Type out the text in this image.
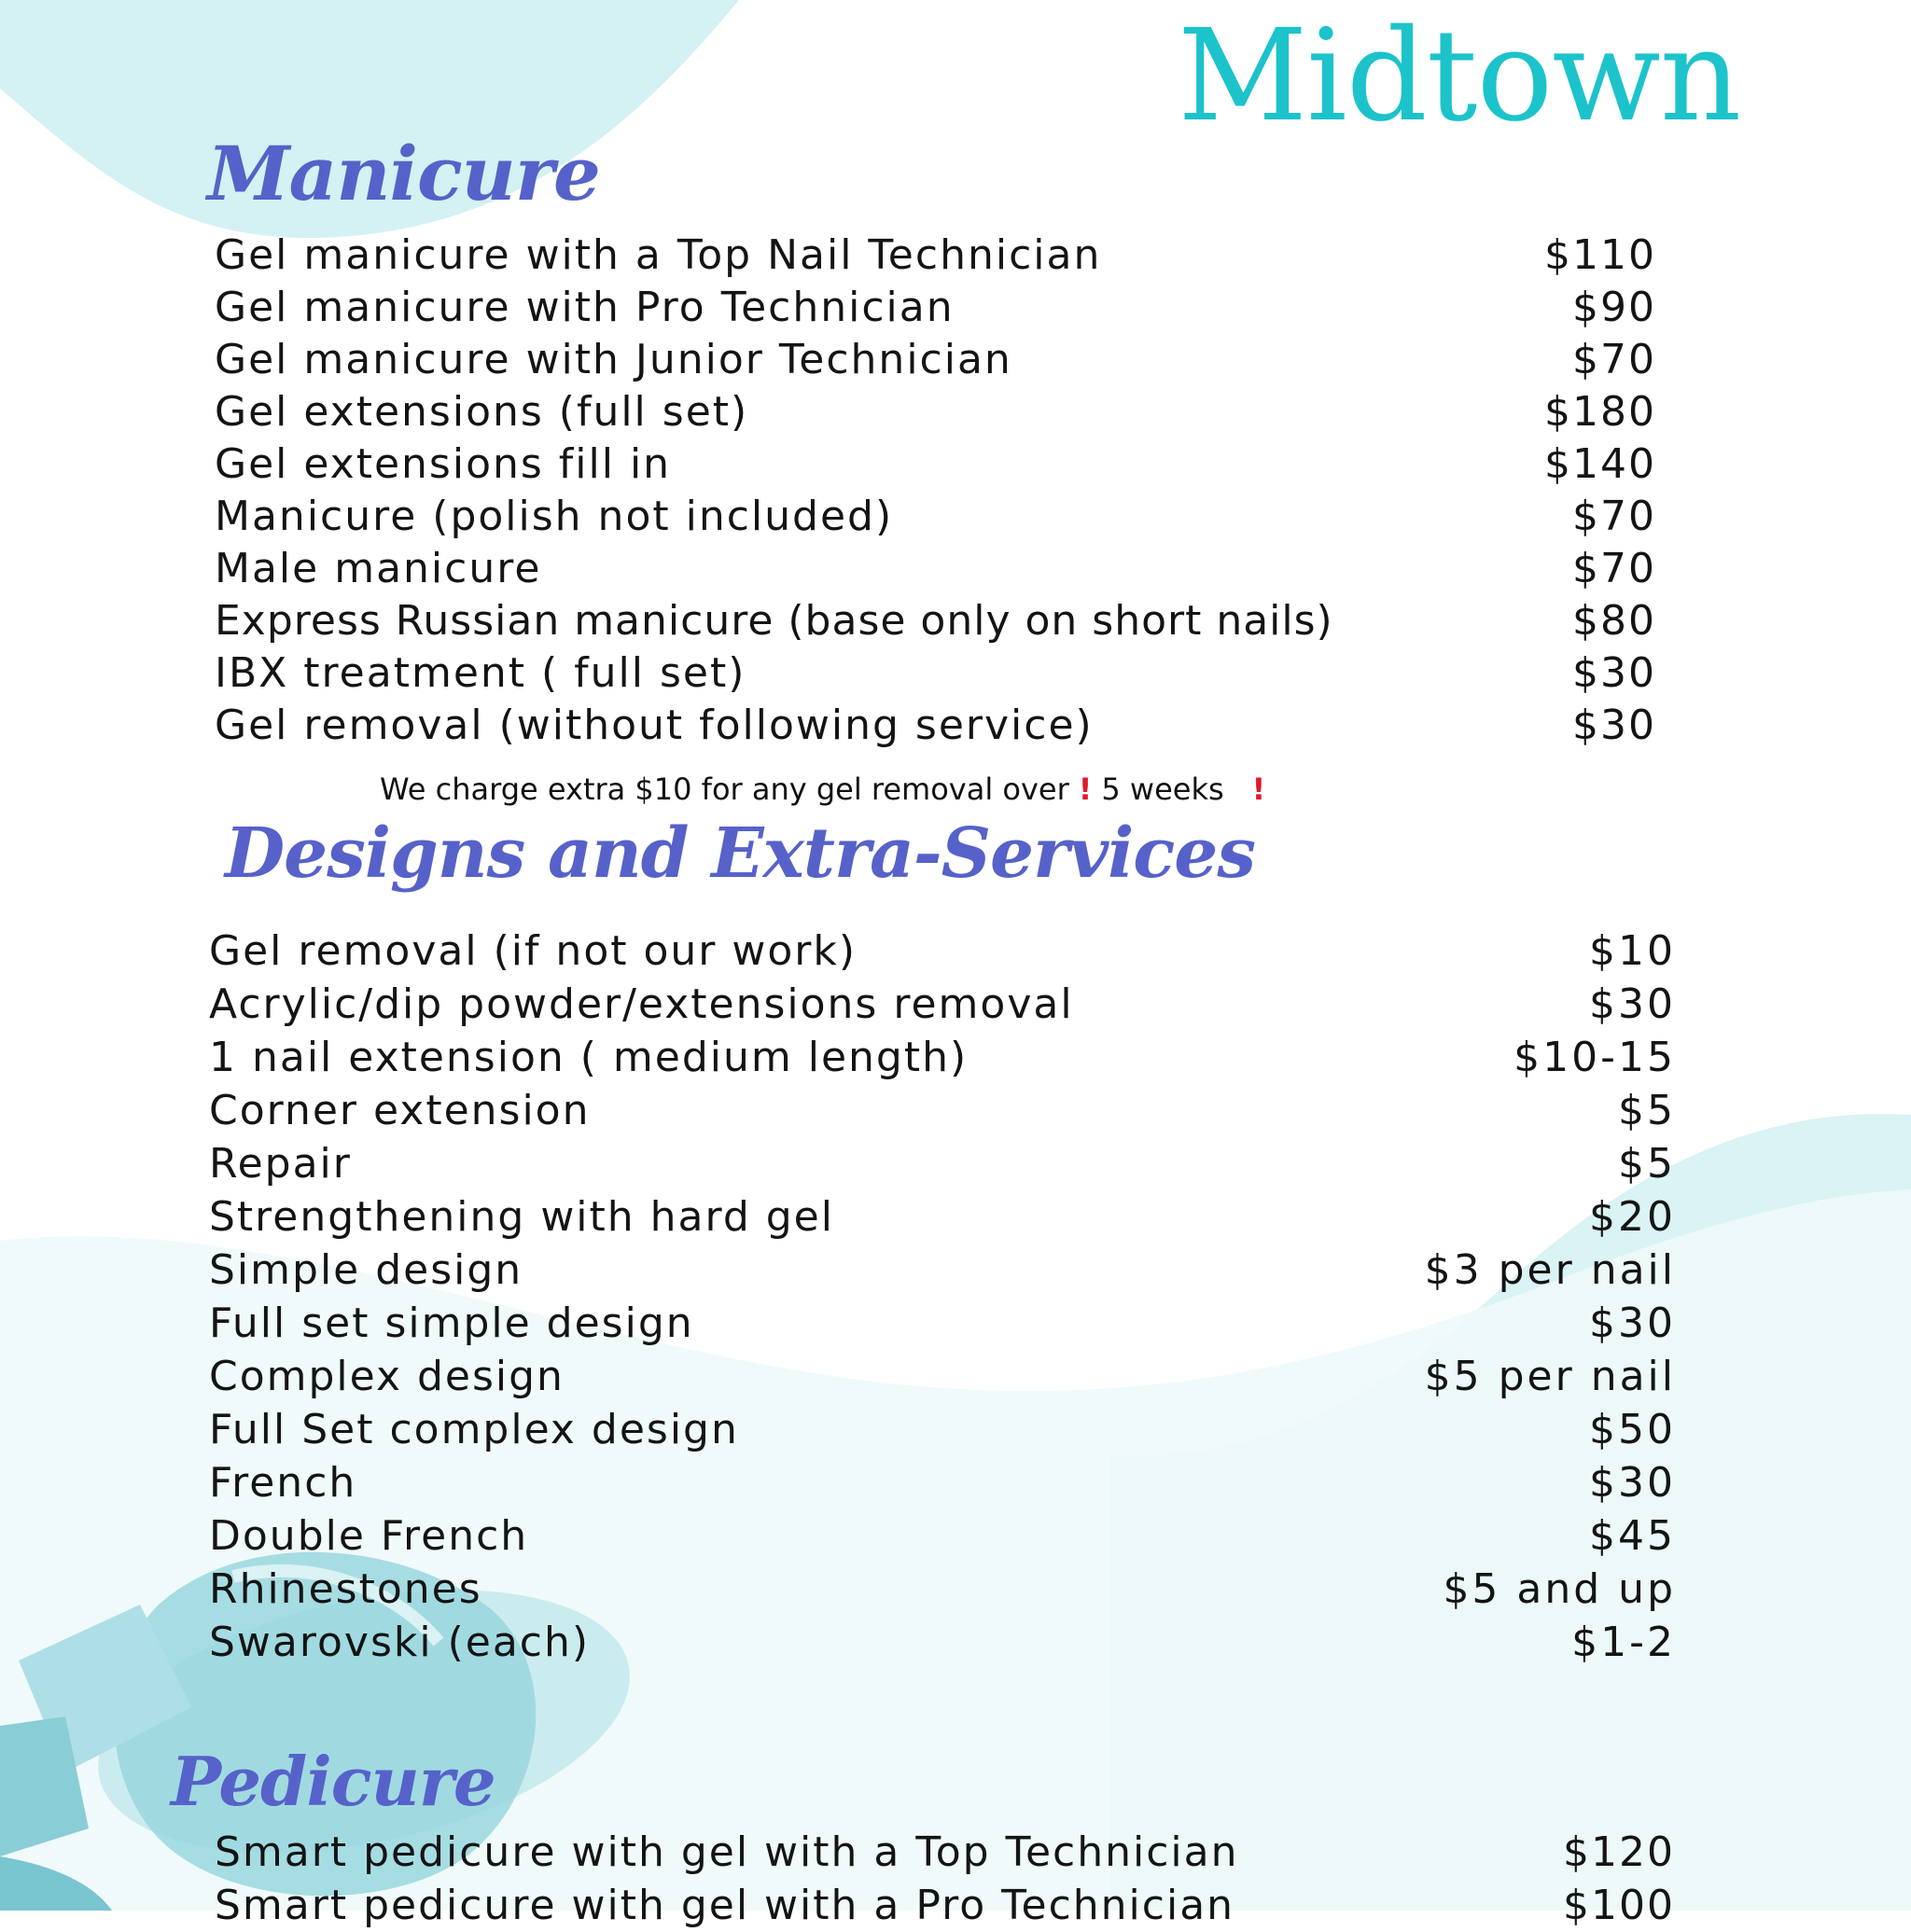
Midtown
Manicure
Gel manicure with a Top Nail Technician	$110
Gel manicure with Pro Technician	$90
Gel manicure with Junior Technician	$70
Gel extensions (full set)	$180
Gel extensions fill in	$140
Manicure (polish not included)	$70
Male manicure	$70
Express Russian manicure (base only on short nails)	$80
IBX treatment ( full set)	$30
Gel removal (without following service)	$30
We charge extra $10 for any gel removal over ! 5 weeks !
Designs and Extra-Services
Gel removal (if not our work)	$10
Acrylic/dip powder/extensions removal	$30
1 nail extension ( medium length)	$10-15
Corner extension	$5
Repair	$5
Strengthening with hard gel	$20
Simple design	$3 per nail
Full set simple design	$30
Complex design	$5 per nail
Full Set complex design	$50
French	$30
Double French	$45
Rhinestones	$5 and up
Swarovski (each)	$1-2
Pedicure
Smart pedicure with gel with a Top Technician	$120
Smart pedicure with gel with a Pro Technician	$100
